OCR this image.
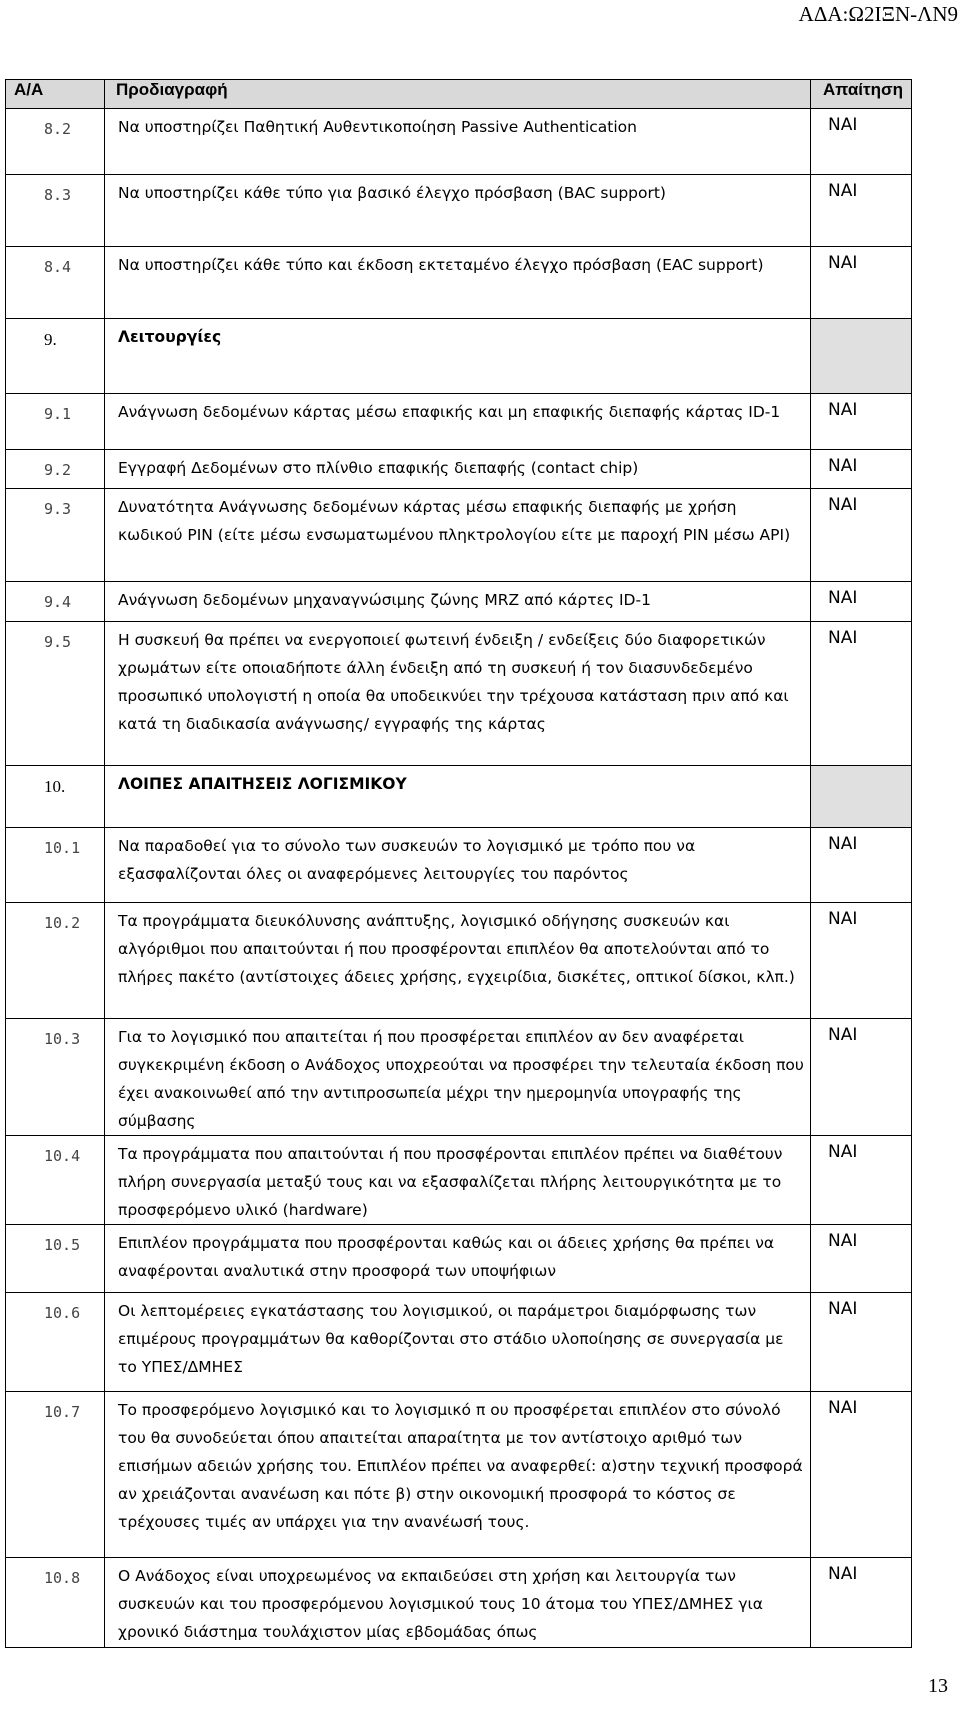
ΑΔΑ:Ω2ΙΞΝ-ΛΝ9
Α/Α	Προδιαγραφή	Απαίτηση
8.2	Να υποστηρίζει Παθητική Αυθεντικοποίηση Passive Authentication	ΝΑΙ
8.3	Να υποστηρίζει κάθε τύπο για βασικό έλεγχο πρόσβαση (BAC support)	ΝΑΙ
8.4	Να υποστηρίζει κάθε τύπο και έκδοση εκτεταμένο έλεγχο πρόσβαση (EAC support)	ΝΑΙ
9.	Λειτουργίες	
9.1	Ανάγνωση δεδομένων κάρτας μέσω επαφικής και μη επαφικής διεπαφής κάρτας ID-1	ΝΑΙ
9.2	Εγγραφή Δεδομένων στο πλίνθιο επαφικής διεπαφής (contact chip)	ΝΑΙ
9.3	Δυνατότητα Ανάγνωσης δεδομένων κάρτας μέσω επαφικής διεπαφής με χρήση κωδικού PIN (είτε μέσω ενσωματωμένου πληκτρολογίου είτε με παροχή PIN μέσω API)	ΝΑΙ
9.4	Ανάγνωση δεδομένων μηχαναγνώσιμης ζώνης MRZ από κάρτες ID-1	ΝΑΙ
9.5	Η συσκευή θα πρέπει να ενεργοποιεί φωτεινή ένδειξη / ενδείξεις δύο διαφορετικών χρωμάτων είτε οποιαδήποτε άλλη ένδειξη από τη συσκευή ή τον διασυνδεδεμένο προσωπικό υπολογιστή η οποία θα υποδεικνύει την τρέχουσα κατάσταση πριν από και κατά τη διαδικασία ανάγνωσης/ εγγραφής της κάρτας	ΝΑΙ
10.	ΛΟΙΠΕΣ ΑΠΑΙΤΗΣΕΙΣ ΛΟΓΙΣΜΙΚΟΥ	
10.1	Να παραδοθεί για το σύνολο των συσκευών το λογισμικό με τρόπο που να εξασφαλίζονται όλες οι αναφερόμενες λειτουργίες του παρόντος	ΝΑΙ
10.2	Τα προγράμματα διευκόλυνσης ανάπτυξης, λογισμικό οδήγησης συσκευών και αλγόριθμοι που απαιτούνται ή που προσφέρονται επιπλέον θα αποτελούνται από το πλήρες πακέτο (αντίστοιχες άδειες χρήσης, εγχειρίδια, δισκέτες, οπτικοί δίσκοι, κλπ.)	ΝΑΙ
10.3	Για το λογισμικό που απαιτείται ή που προσφέρεται επιπλέον αν δεν αναφέρεται συγκεκριμένη έκδοση ο Ανάδοχος υποχρεούται να προσφέρει την τελευταία έκδοση που έχει ανακοινωθεί από την αντιπροσωπεία μέχρι την ημερομηνία υπογραφής της σύμβασης	ΝΑΙ
10.4	Τα προγράμματα που απαιτούνται ή που προσφέρονται επιπλέον πρέπει να διαθέτουν πλήρη συνεργασία μεταξύ τους και να εξασφαλίζεται πλήρης λειτουργικότητα με το προσφερόμενο υλικό (hardware)	ΝΑΙ
10.5	Επιπλέον προγράμματα που προσφέρονται καθώς και οι άδειες χρήσης θα πρέπει να αναφέρονται αναλυτικά στην προσφορά των υποψήφιων	ΝΑΙ
10.6	Οι λεπτομέρειες εγκατάστασης του λογισμικού, οι παράμετροι διαμόρφωσης των επιμέρους προγραμμάτων θα καθορίζονται στο στάδιο υλοποίησης σε συνεργασία με το ΥΠΕΣ/ΔΜΗΕΣ	ΝΑΙ
10.7	Το προσφερόμενο λογισμικό και το λογισμικό π ου προσφέρεται επιπλέον στο σύνολό του θα συνοδεύεται όπου απαιτείται απαραίτητα με τον αντίστοιχο αριθμό των επισήμων αδειών χρήσης του. Επιπλέον πρέπει να αναφερθεί: α)στην τεχνική προσφορά αν χρειάζονται ανανέωση και πότε β) στην οικονομική προσφορά το κόστος σε τρέχουσες τιμές αν υπάρχει για την ανανέωσή τους.	ΝΑΙ
10.8	Ο Ανάδοχος είναι υποχρεωμένος να εκπαιδεύσει στη χρήση και λειτουργία των συσκευών και του προσφερόμενου λογισμικού τους 10 άτομα του ΥΠΕΣ/ΔΜΗΕΣ για χρονικό διάστημα τουλάχιστον μίας εβδομάδας όπως	ΝΑΙ
13
